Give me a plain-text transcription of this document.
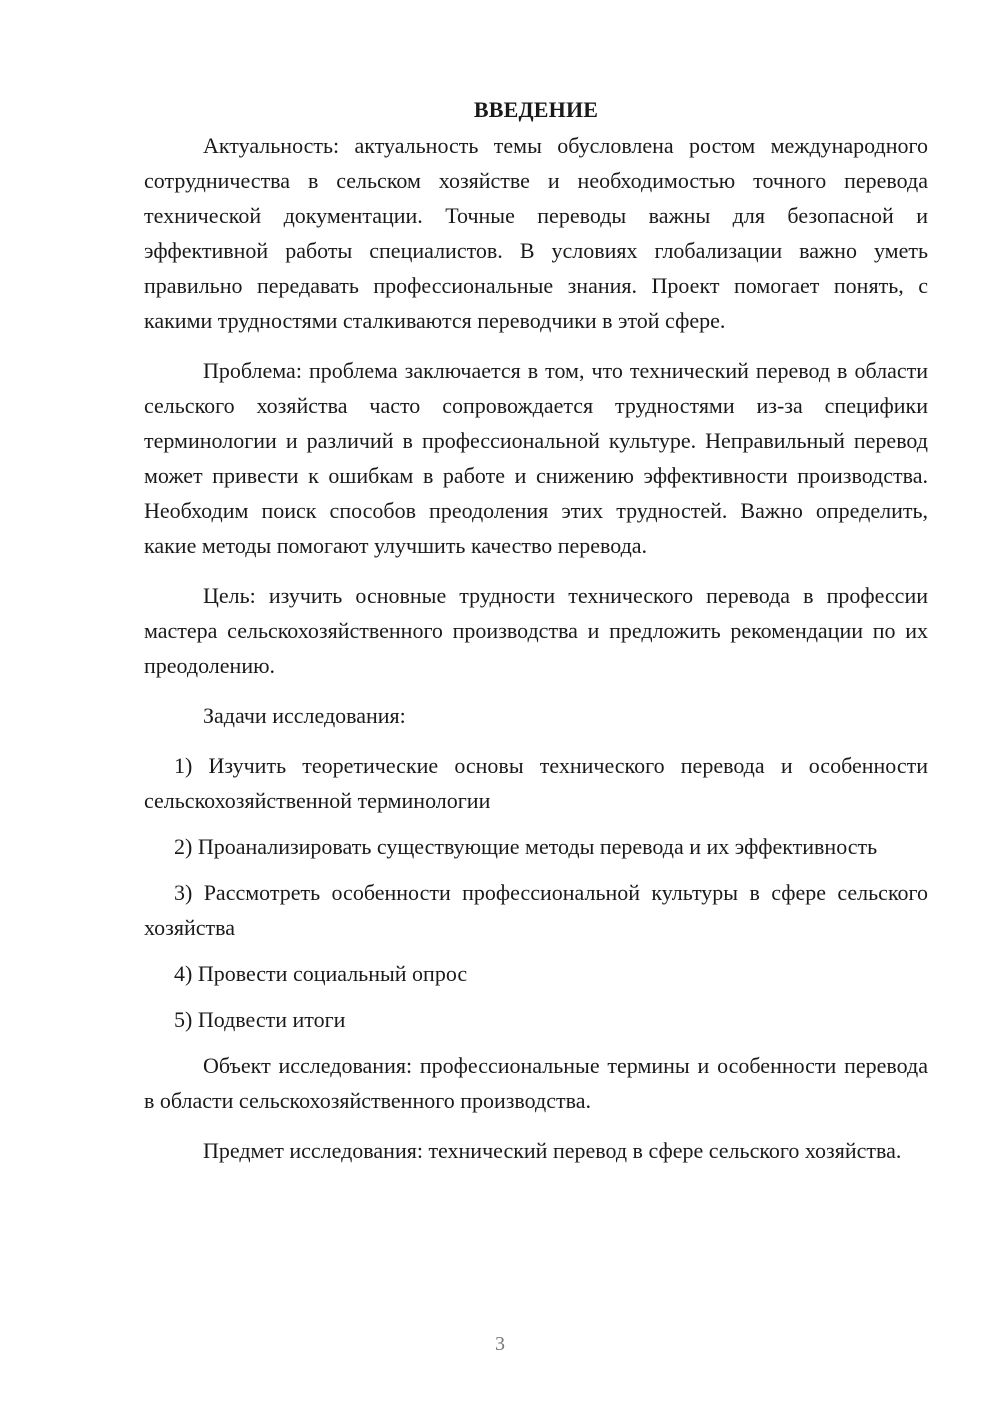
ВВЕДЕНИЕ

Актуальность: актуальность темы обусловлена ростом международного сотрудничества в сельском хозяйстве и необходимостью точного перевода технической документации. Точные переводы важны для безопасной и эффективной работы специалистов. В условиях глобализации важно уметь правильно передавать профессиональные знания. Проект помогает понять, с какими трудностями сталкиваются переводчики в этой сфере.

Проблема: проблема заключается в том, что технический перевод в области сельского хозяйства часто сопровождается трудностями из-за специфики терминологии и различий в профессиональной культуре. Неправильный перевод может привести к ошибкам в работе и снижению эффективности производства. Необходим поиск способов преодоления этих трудностей. Важно определить, какие методы помогают улучшить качество перевода.

Цель: изучить основные трудности технического перевода в профессии мастера сельскохозяйственного производства и предложить рекомендации по их преодолению.

Задачи исследования:

1) Изучить теоретические основы технического перевода и особенности сельскохозяйственной терминологии

2) Проанализировать существующие методы перевода и их эффективность

3) Рассмотреть особенности профессиональной культуры в сфере сельского хозяйства

4) Провести социальный опрос

5) Подвести итоги

Объект исследования: профессиональные термины и особенности перевода в области сельскохозяйственного производства.

Предмет исследования: технический перевод в сфере сельского хозяйства.

3
